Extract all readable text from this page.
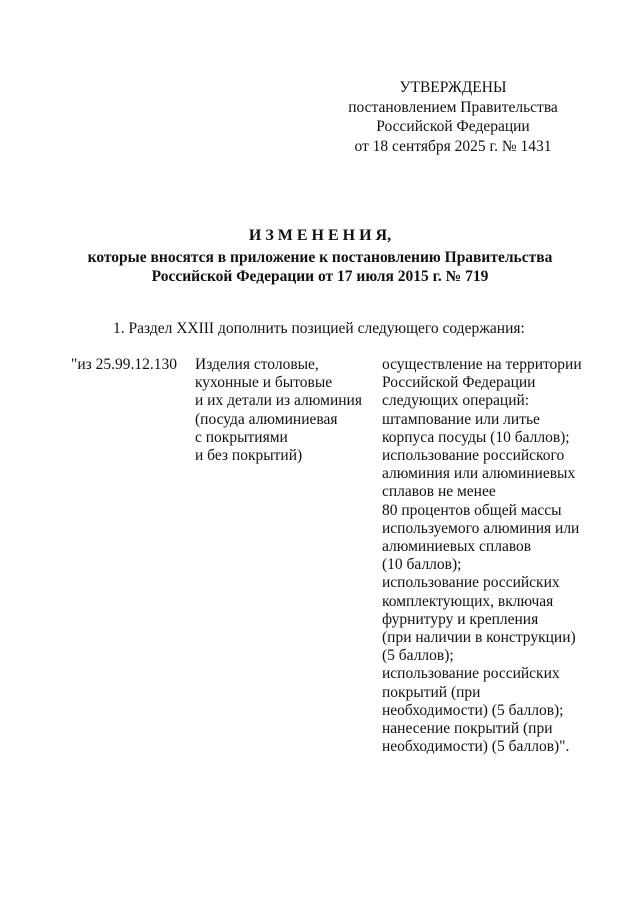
УТВЕРЖДЕНЫ
постановлением Правительства
Российской Федерации
от 18 сентября 2025 г. № 1431
И З М Е Н Е Н И Я,
которые вносятся в приложение к постановлению Правительства
Российской Федерации от 17 июля 2015 г. № 719
1. Раздел XXIII дополнить позицией следующего содержания:
"из 25.99.12.130	Изделия столовые,
кухонные и бытовые
и их детали из алюминия
(посуда алюминиевая
с покрытиями
и без покрытий)
осуществление на территории
Российской Федерации
следующих операций:
штампование или литье
корпуса посуды (10 баллов);
использование российского
алюминия или алюминиевых
сплавов не менее
80 процентов общей массы
используемого алюминия или
алюминиевых сплавов
(10 баллов);
использование российских
комплектующих, включая
фурнитуру и крепления
(при наличии в конструкции)
(5 баллов);
использование российских
покрытий (при
необходимости) (5 баллов);
нанесение покрытий (при
необходимости) (5 баллов)".
